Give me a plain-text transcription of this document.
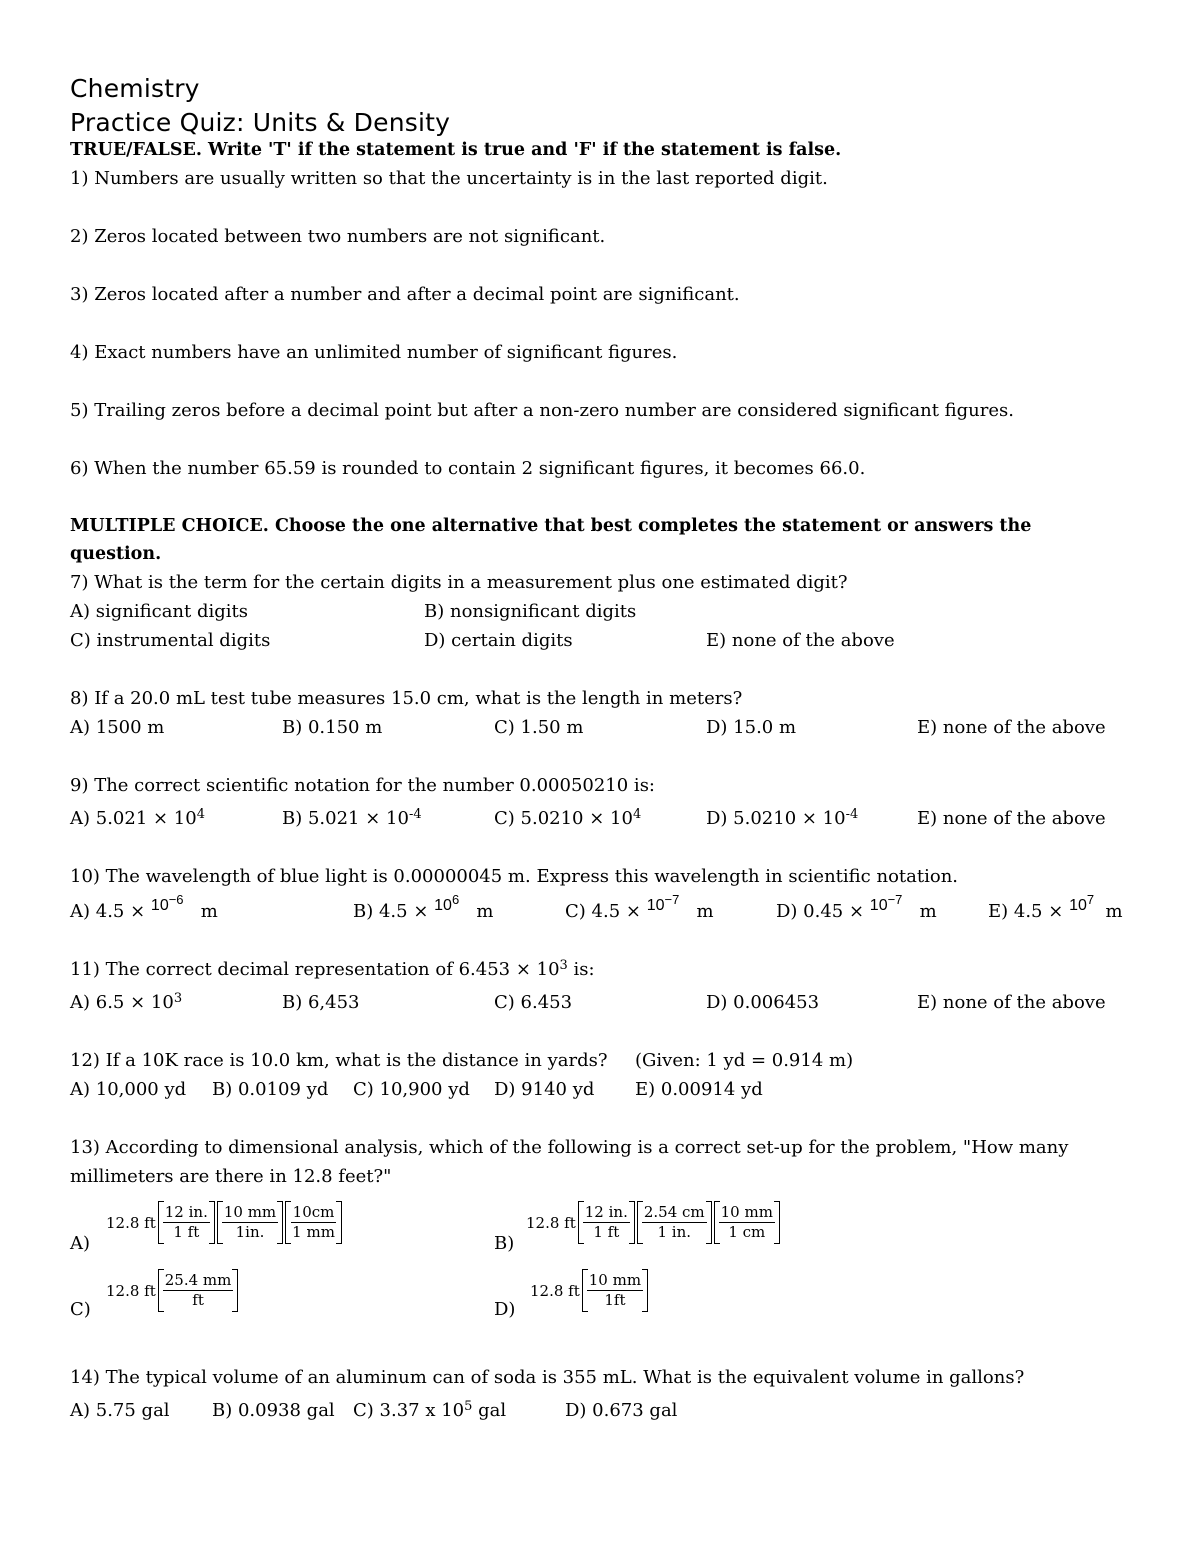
Chemistry

Practice Quiz: Units & Density

TRUE/FALSE. Write 'T' if the statement is true and 'F' if the statement is false.

1) Numbers are usually written so that the uncertainty is in the last reported digit.

2) Zeros located between two numbers are not significant.

3) Zeros located after a number and after a decimal point are significant.

4) Exact numbers have an unlimited number of significant figures.

5) Trailing zeros before a decimal point but after a non-zero number are considered significant figures.

6) When the number 65.59 is rounded to contain 2 significant figures, it becomes 66.0.

MULTIPLE CHOICE. Choose the one alternative that best completes the statement or answers the

question.

7) What is the term for the certain digits in a measurement plus one estimated digit?

A) significant digits	B) nonsignificant digits
C) instrumental digits	D) certain digits	E) none of the above

8) If a 20.0 mL test tube measures 15.0 cm, what is the length in meters?

A) 1500 m	B) 0.150 m	C) 1.50 m	D) 15.0 m	E) none of the above

9) The correct scientific notation for the number 0.00050210 is:

A) $5.021 \times 10^4$	B) $5.021 \times 10^{-4}$	C) $5.0210 \times 10^4$	D) $5.0210 \times 10^{-4}$	E) none of the above

10) The wavelength of blue light is 0.00000045 m. Express this wavelength in scientific notation.

A) $4.5 \times 10^{-6}$   m	B) $4.5 \times 10^6$   m	C) $4.5 \times 10^{-7}$   m	D) $0.45 \times 10^{-7}$   m	E) $4.5 \times 10^7$  m

11) The correct decimal representation of $6.453 \times 10^3$ is:

A) $6.5 \times 10^3$	B) 6,453	C) 6.453	D) 0.006453	E) none of the above
12) If a 10K race is 10.0 km, what is the distance in yards? (Given: 1 yd = 0.914 m)
A) 10,000 yd B) 0.0109 yd C) 10,900 yd D) 9140 yd E) 0.00914 yd

13) According to dimensional analysis, which of the following is a correct set-up for the problem, "How many

millimeters are there in 12.8 feet?"

A)
12.8 ft $\frac{12 in.}{1 ft} \frac{10 mm}{1in.} \frac{10cm}{1 mm}$
B)
12.8 ft $\frac{12 in.}{1 ft} \frac{2.54 cm}{1 in.} \frac{10 mm}{1 cm}$
C)
12.8 ft $\frac{25.4 mm}{ft}$	D)
12.8 ft $\frac{10 mm}{1ft}$

14) The typical volume of an aluminum can of soda is 355 mL. What is the equivalent volume in gallons?

A) 5.75 gal B) 0.0938 gal C) 3.37 x $10^5$ gal	D) 0.673 gal
